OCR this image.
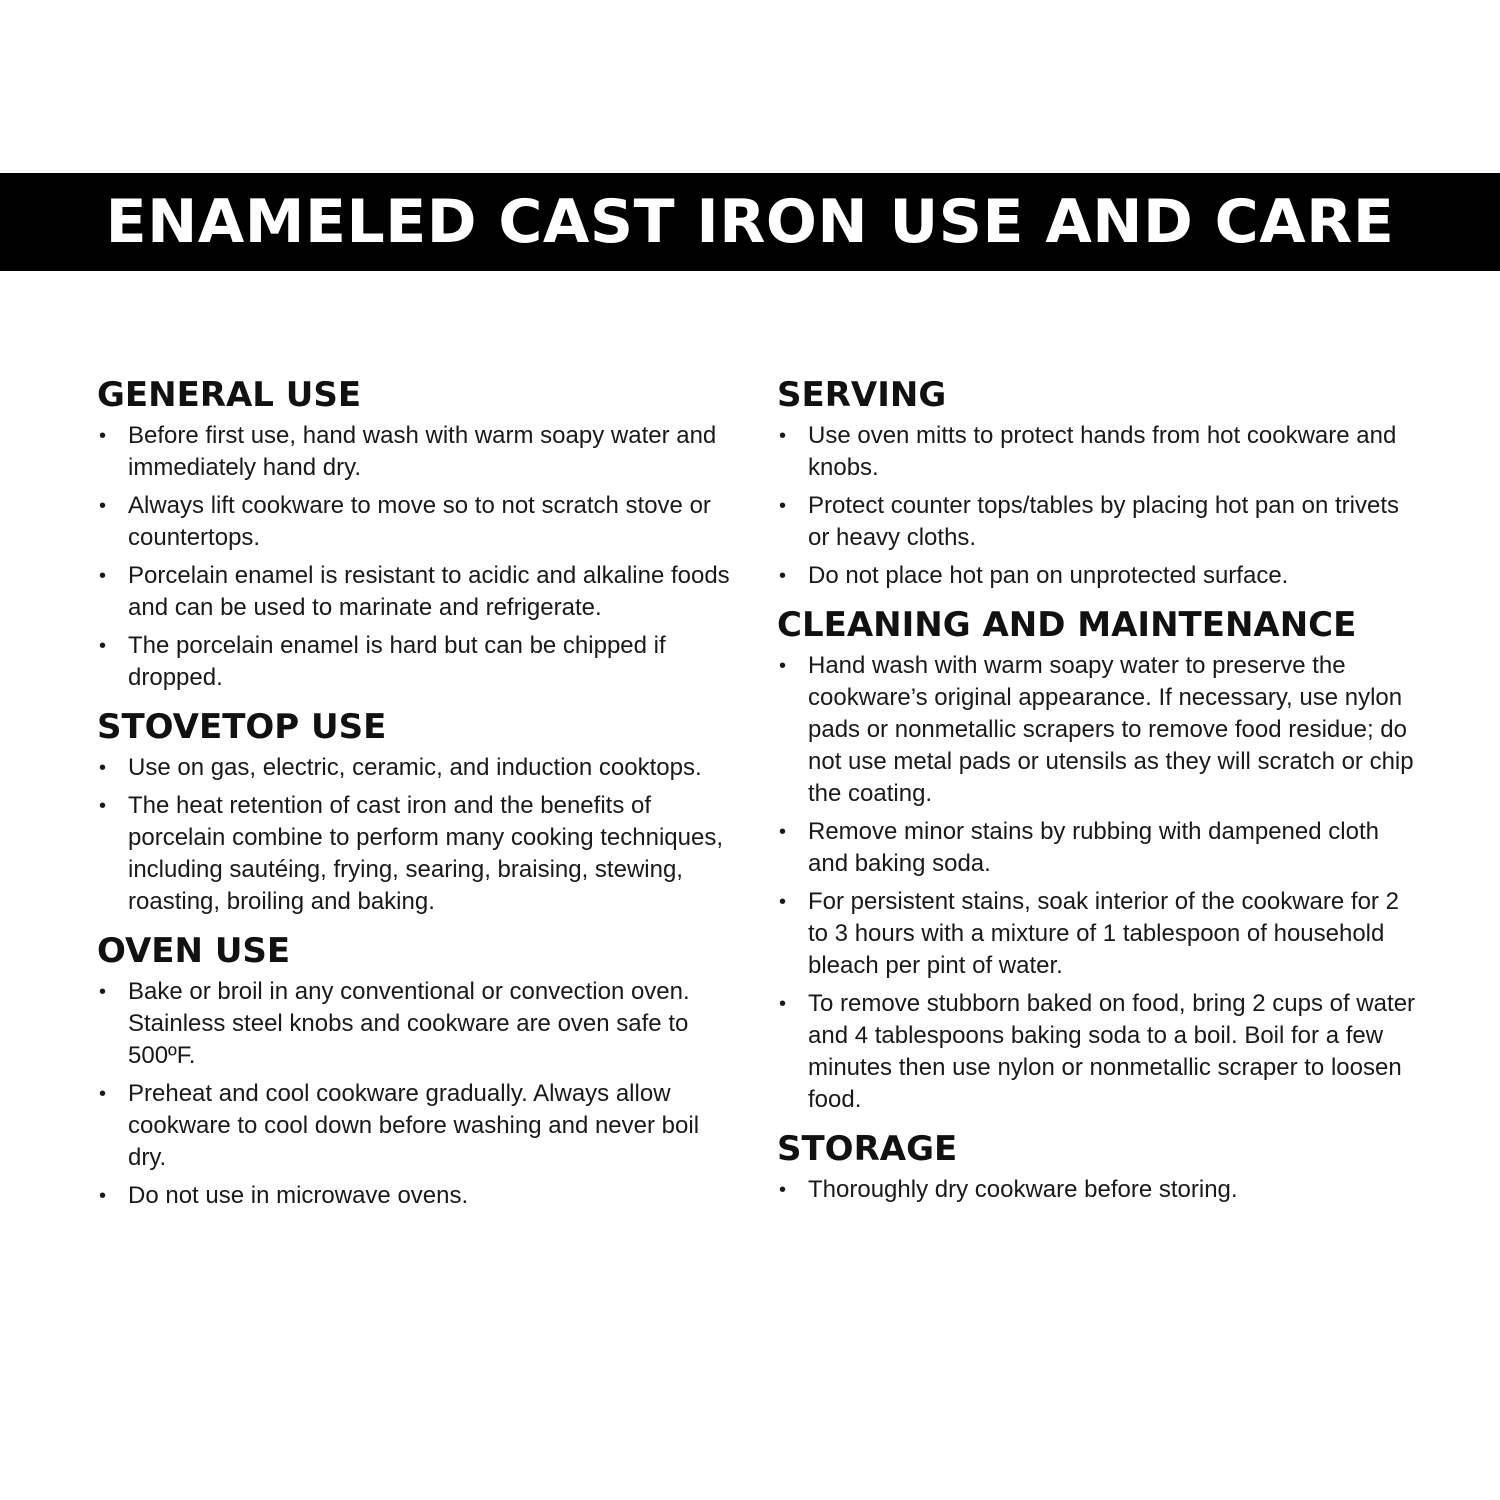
ENAMELED CAST IRON USE AND CARE
GENERAL USE
• Before first use, hand wash with warm soapy water and immediately hand dry.
• Always lift cookware to move so to not scratch stove or countertops.
• Porcelain enamel is resistant to acidic and alkaline foods and can be used to marinate and refrigerate.
• The porcelain enamel is hard but can be chipped if dropped.
STOVETOP USE
• Use on gas, electric, ceramic, and induction cooktops.
• The heat retention of cast iron and the benefits of porcelain combine to perform many cooking techniques, including sautéing, frying, searing, braising, stewing, roasting, broiling and baking.
OVEN USE
• Bake or broil in any conventional or convection oven. Stainless steel knobs and cookware are oven safe to 500ºF.
• Preheat and cool cookware gradually. Always allow cookware to cool down before washing and never boil dry.
• Do not use in microwave ovens.
SERVING
• Use oven mitts to protect hands from hot cookware and knobs.
• Protect counter tops/tables by placing hot pan on trivets or heavy cloths.
• Do not place hot pan on unprotected surface.
CLEANING AND MAINTENANCE
• Hand wash with warm soapy water to preserve the cookware’s original appearance. If necessary, use nylon pads or nonmetallic scrapers to remove food residue; do not use metal pads or utensils as they will scratch or chip the coating.
• Remove minor stains by rubbing with dampened cloth and baking soda.
• For persistent stains, soak interior of the cookware for 2 to 3 hours with a mixture of 1 tablespoon of household bleach per pint of water.
• To remove stubborn baked on food, bring 2 cups of water and 4 tablespoons baking soda to a boil. Boil for a few minutes then use nylon or nonmetallic scraper to loosen food.
STORAGE
• Thoroughly dry cookware before storing.
